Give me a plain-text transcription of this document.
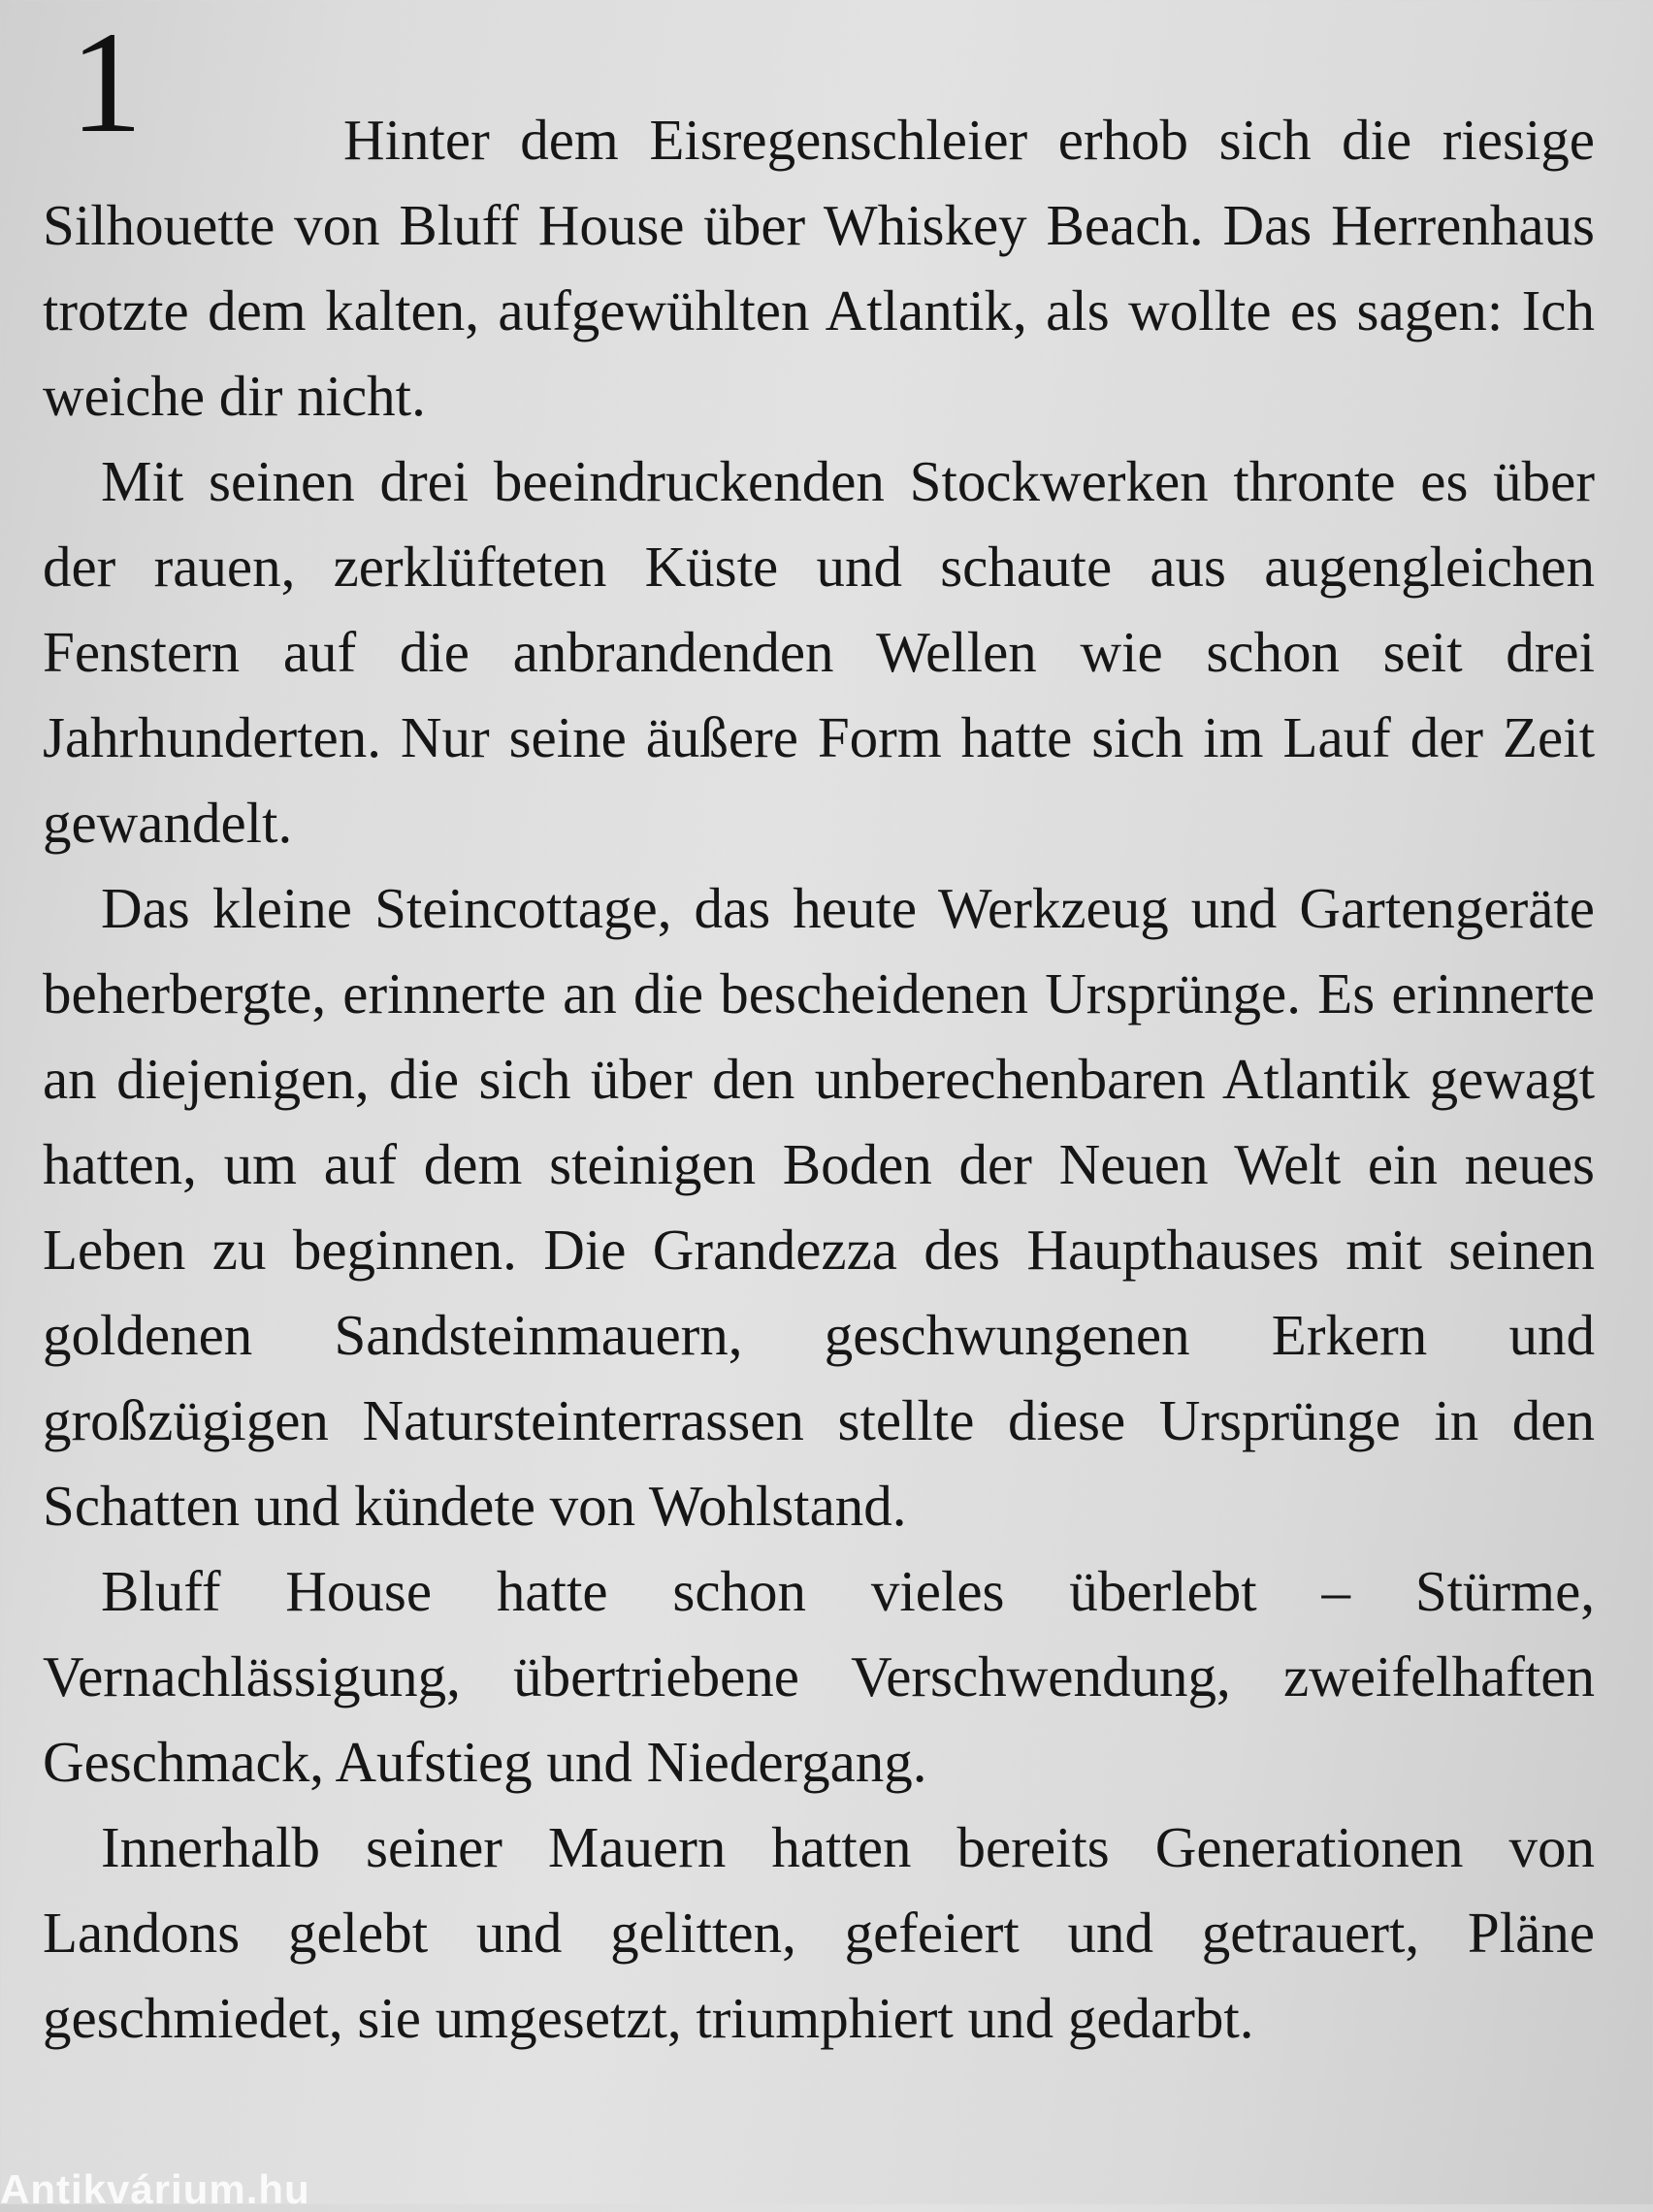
1	Hinter dem Eisregenschleier erhob sich die riesige Silhouette von Bluff House über Whiskey Beach. Das Herrenhaus trotzte dem kalten, aufgewühlten Atlantik, als wollte es sagen: Ich weiche dir nicht.

Mit seinen drei beeindruckenden Stockwerken thronte es über der rauen, zerklüfteten Küste und schaute aus augengleichen Fenstern auf die anbrandenden Wellen wie schon seit drei Jahrhunderten. Nur seine äußere Form hatte sich im Lauf der Zeit gewandelt.

Das kleine Steincottage, das heute Werkzeug und Gartengeräte beherbergte, erinnerte an die bescheidenen Ursprünge. Es erinnerte an diejenigen, die sich über den unberechenbaren Atlantik gewagt hatten, um auf dem steinigen Boden der Neuen Welt ein neues Leben zu beginnen. Die Grandezza des Haupthauses mit seinen goldenen Sandsteinmauern, geschwungenen Erkern und großzügigen Natursteinterrassen stellte diese Ursprünge in den Schatten und kündete von Wohlstand.

Bluff House hatte schon vieles überlebt – Stürme, Vernachlässigung, übertriebene Verschwendung, zweifelhaften Geschmack, Aufstieg und Niedergang.

Innerhalb seiner Mauern hatten bereits Generationen von Landons gelebt und gelitten, gefeiert und getrauert, Pläne geschmiedet, sie umgesetzt, triumphiert und gedarbt.

Antikvárium.hu
